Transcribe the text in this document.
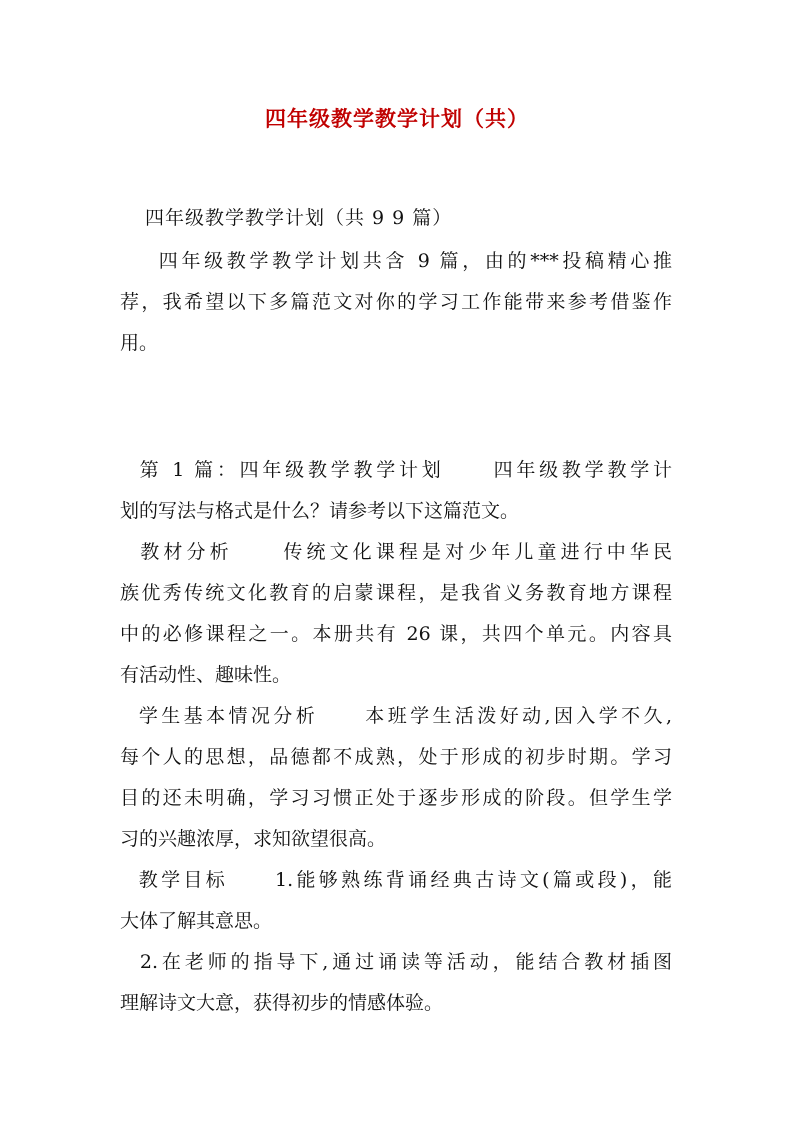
四年级教学教学计划（共）
四年级教学教学计划（共 9 9 篇）
四年级教学教学计划共含 9 篇，由的***投稿精心推
荐，我希望以下多篇范文对你的学习工作能带来参考借鉴作
用。
第 1 篇：四年级教学教学计划     四年级教学教学计
划的写法与格式是什么？请参考以下这篇范文。
教材分析     传统文化课程是对少年儿童进行中华民
族优秀传统文化教育的启蒙课程，是我省义务教育地方课程
中的必修课程之一。本册共有 26 课，共四个单元。内容具
有活动性、趣味性。
学生基本情况分析     本班学生活泼好动,因入学不久,
每个人的思想，品德都不成熟，处于形成的初步时期。学习
目的还未明确，学习习惯正处于逐步形成的阶段。但学生学
习的兴趣浓厚，求知欲望很高。
教学目标     1.能够熟练背诵经典古诗文(篇或段)，能
大体了解其意思。
2.在老师的指导下,通过诵读等活动，能结合教材插图
理解诗文大意，获得初步的情感体验。
